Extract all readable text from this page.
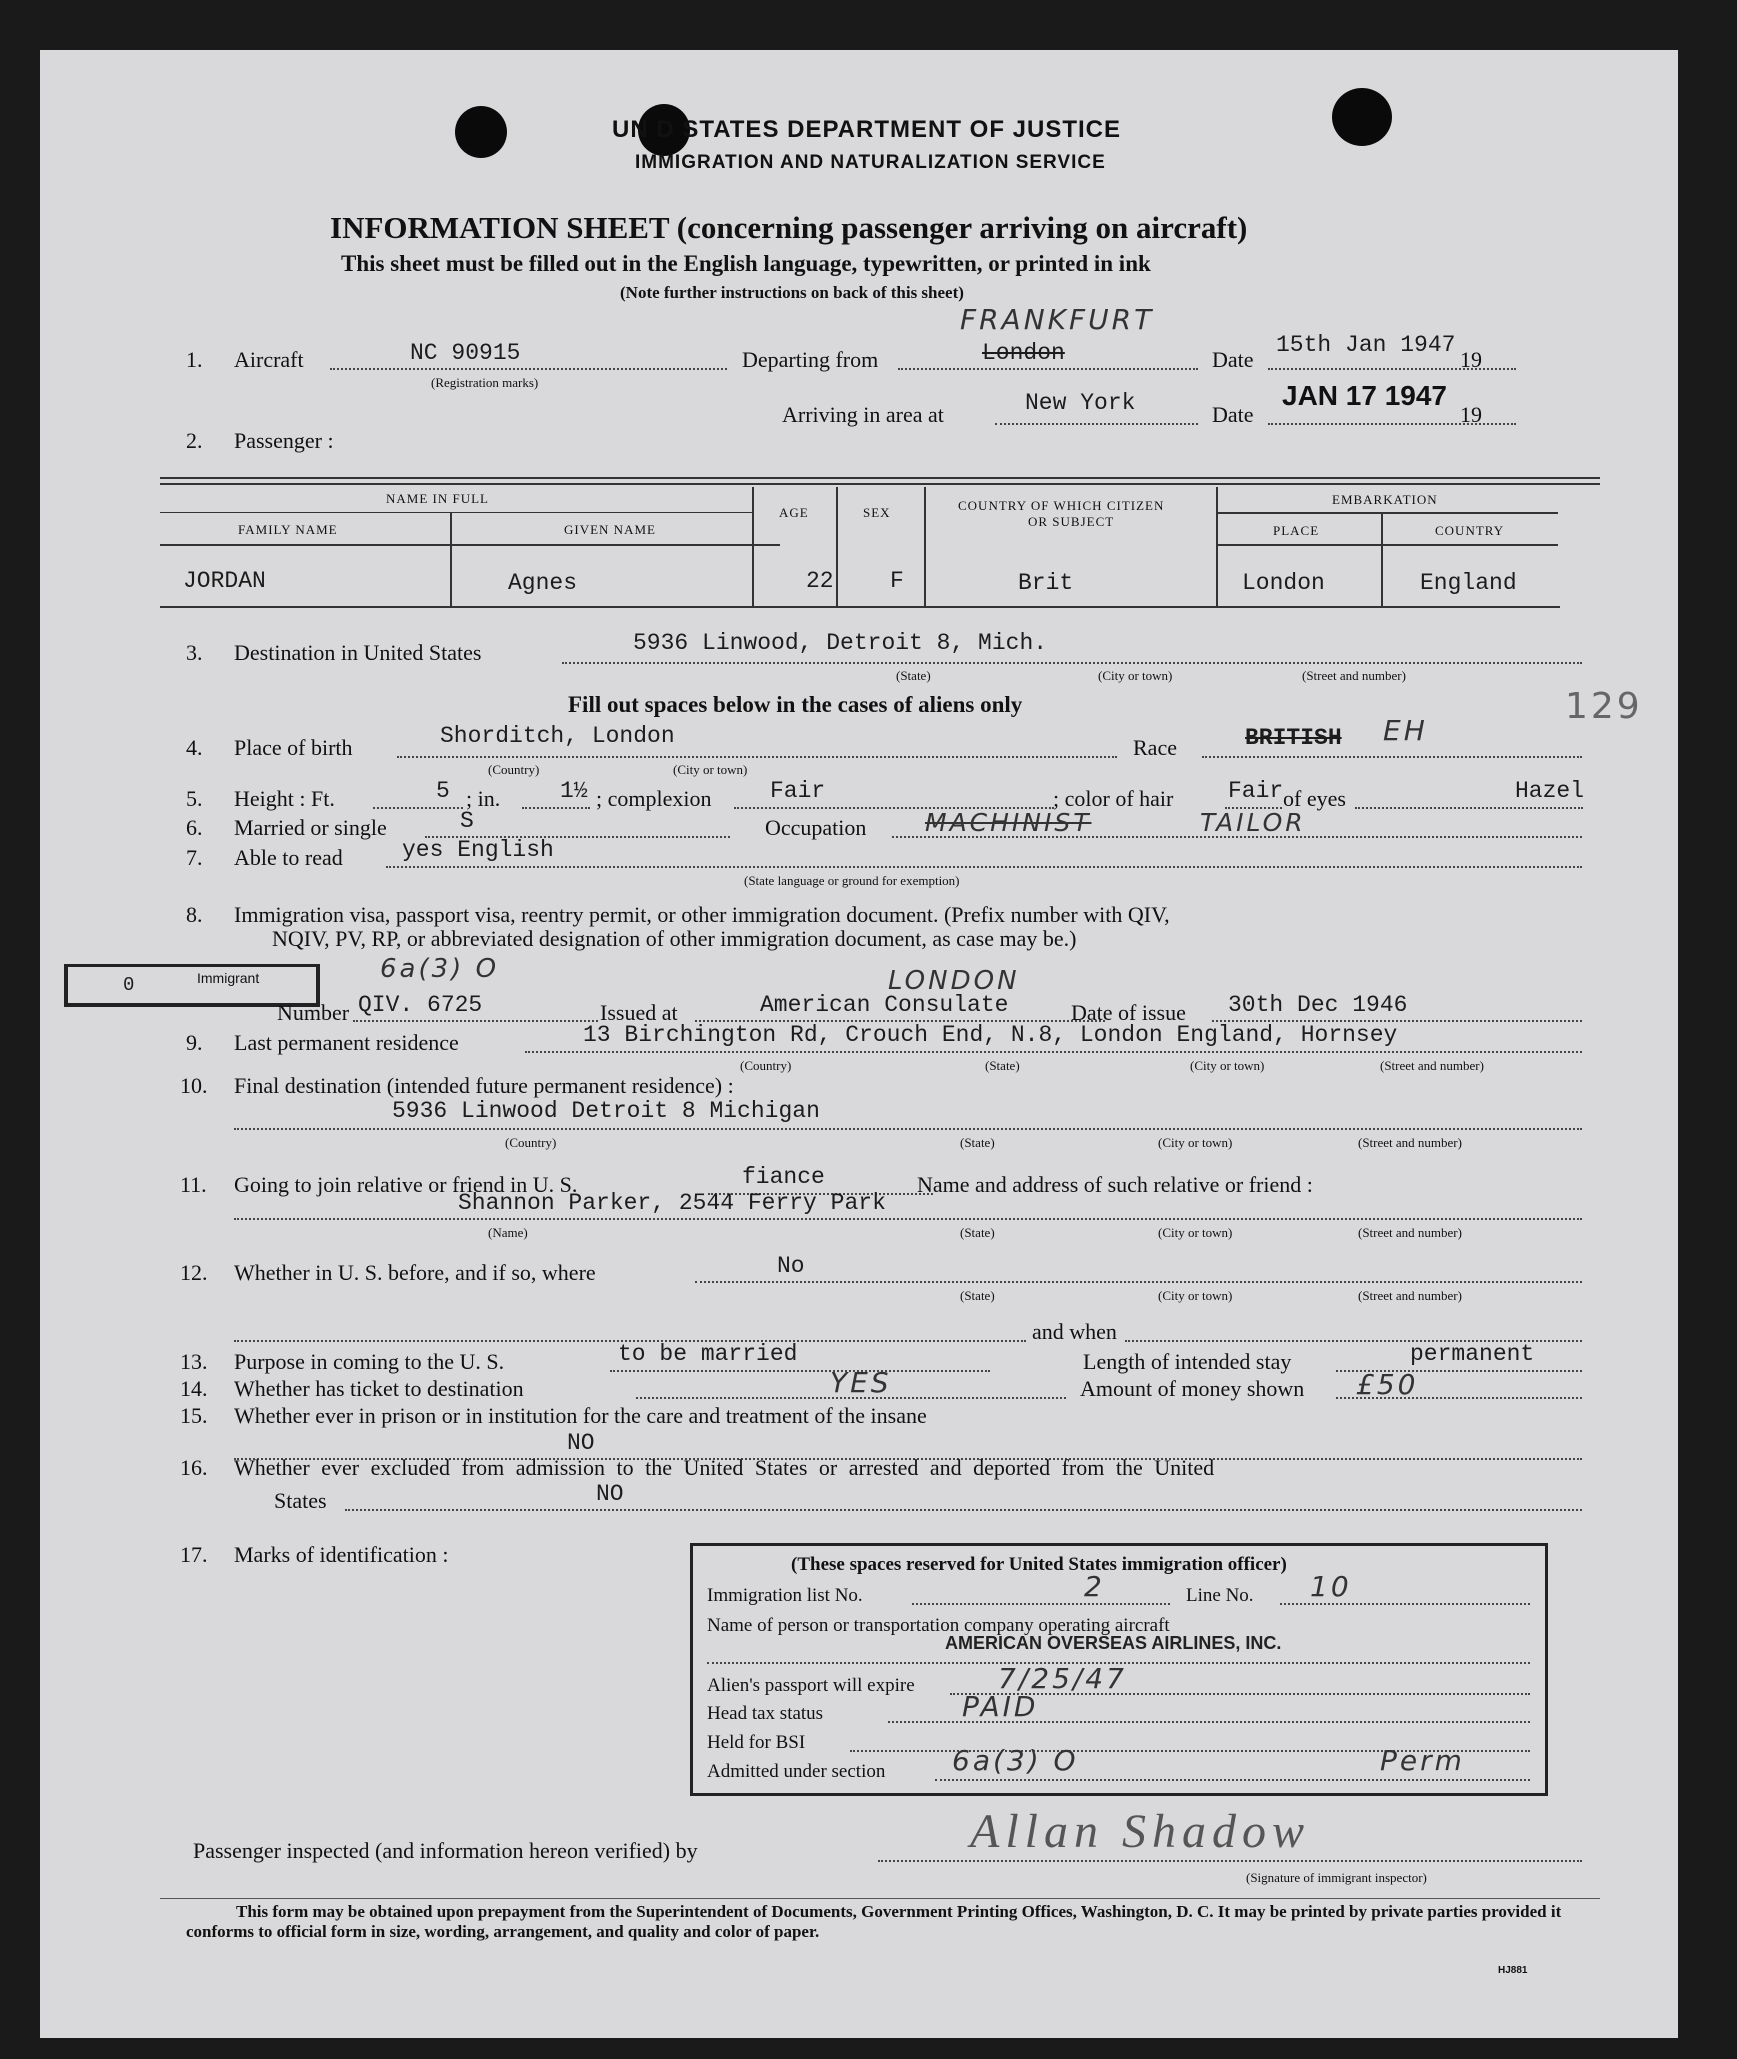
UN D STATES DEPARTMENT OF JUSTICE
IMMIGRATION AND NATURALIZATION SERVICE
INFORMATION SHEET (concerning passenger arriving on aircraft)
This sheet must be filled out in the English language, typewritten, or printed in ink
(Note further instructions on back of this sheet)
1. Aircraft	NC 90915
(Registration marks)
Departing from	London
FRANKFURT
Date
15th Jan 1947
19
Arriving in area at	New York	Date
JAN 17 1947
19
2. Passenger :
NAME IN FULL
FAMILY NAME	GIVEN NAME
AGE	SEX	COUNTRY OF WHICH CITIZEN
OR SUBJECT
EMBARKATION
PLACE	COUNTRY
JORDAN	Agnes	22 F	Brit	London	England
3. Destination in United States	5936 Linwood, Detroit 8, Mich.
(State)	(City or town)	(Street and number)
Fill out spaces below in the cases of aliens only	129
4. Place of birth	Shorditch, London
(Country)	(City or town)
Race	BRITISH EH
5. Height : Ft.	5 ; in.	1½ ; complexion	Fair	; color of hair Fair of eyes	Hazel
6. Married or single	S	Occupation MACHINIST	TAILOR
7. Able to read	yes English
(State language or ground for exemption)
8. Immigration visa, passport visa, reentry permit, or other immigration document. (Prefix number with QIV,
NQIV, PV, RP, or abbreviated designation of other immigration document, as case may be.)
0	Immigrant	6a(3) O
Number QIV. 6725	Issued at
LONDON
American Consulate	Date of issue 30th Dec 1946
9. Last permanent residence	13 Birchington Rd, Crouch End, N.8, London England, Hornsey
(Country)	(State)	(City or town)	(Street and number)
10. Final destination (intended future permanent residence) :
5936 Linwood Detroit 8 Michigan
(Country)	(State)	(City or town)	(Street and number)
11. Going to join relative or friend in U. S.	fiance	Name and address of such relative or friend :
Shannon Parker, 2544 Ferry Park
(Name)	(State)	(City or town)	(Street and number)
12. Whether in U. S. before, and if so, where	No
(State)	(City or town)	(Street and number)
and when
13. Purpose in coming to the U. S.	to be married	Length of intended stay	permanent
14. Whether has ticket to destination	YES	Amount of money shown £50
15. Whether ever in prison or in institution for the care and treatment of the insane
NO
16. Whether ever excluded from admission to the United States or arrested and deported from the United
States	NO
17. Marks of identification :	(These spaces reserved for United States immigration officer)
Immigration list No.	2	Line No. 10
Name of person or transportation company operating aircraft
AMERICAN OVERSEAS AIRLINES, INC.
Alien's passport will expire	7/25/47
Head tax status	PAID
Held for BSI
Admitted under section 6a(3) O	Perm
Passenger inspected (and information hereon verified) by	Allan Shadow
(Signature of immigrant inspector)
This form may be obtained upon prepayment from the Superintendent of Documents, Government Printing Offices, Washington, D. C. It may be printed by private parties provided it conforms to official form in size, wording, arrangement, and quality and color of paper.
HJ881
